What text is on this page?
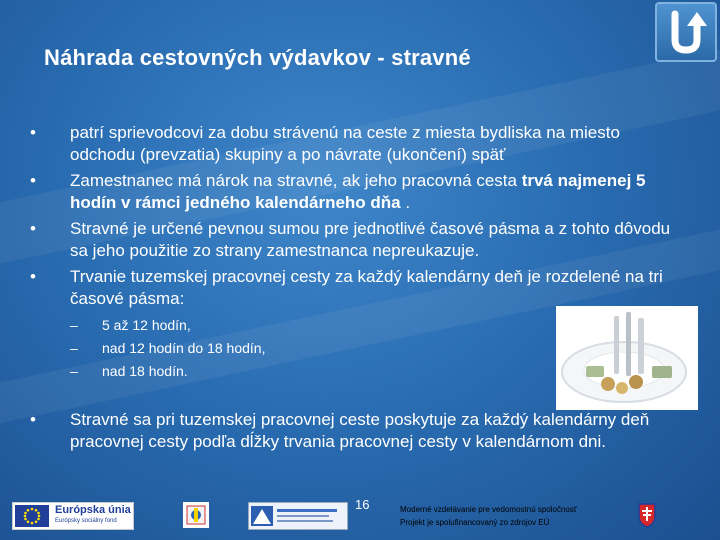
Náhrada cestovných výdavkov - stravné
• patrí sprievodcovi za dobu strávenú na ceste z miesta bydliska na miesto odchodu (prevzatia) skupiny a po návrate (ukončení) späť
• Zamestnanec má nárok na stravné, ak jeho pracovná cesta trvá najmenej 5 hodín v rámci jedného kalendárneho dňa .
• Stravné je určené pevnou sumou pre jednotlivé časové pásma a z tohto dôvodu sa jeho použitie zo strany zamestnanca nepreukazuje.
• Trvanie tuzemskej pracovnej cesty za každý kalendárny deň je rozdelené na tri časové pásma:
– 5 až 12 hodín,
– nad 12 hodín do 18 hodín,
– nad 18 hodín.
• Stravné sa pri tuzemskej pracovnej ceste poskytuje za každý kalendárny deň pracovnej cesty podľa dĺžky trvania pracovnej cesty v kalendárnom dni.
16
Európska únia
Európsky sociálny fond
Moderné vzdelávanie pre vedomostnú spoločnosť
Projekt je spolufinancovaný zo zdrojov EÚ
